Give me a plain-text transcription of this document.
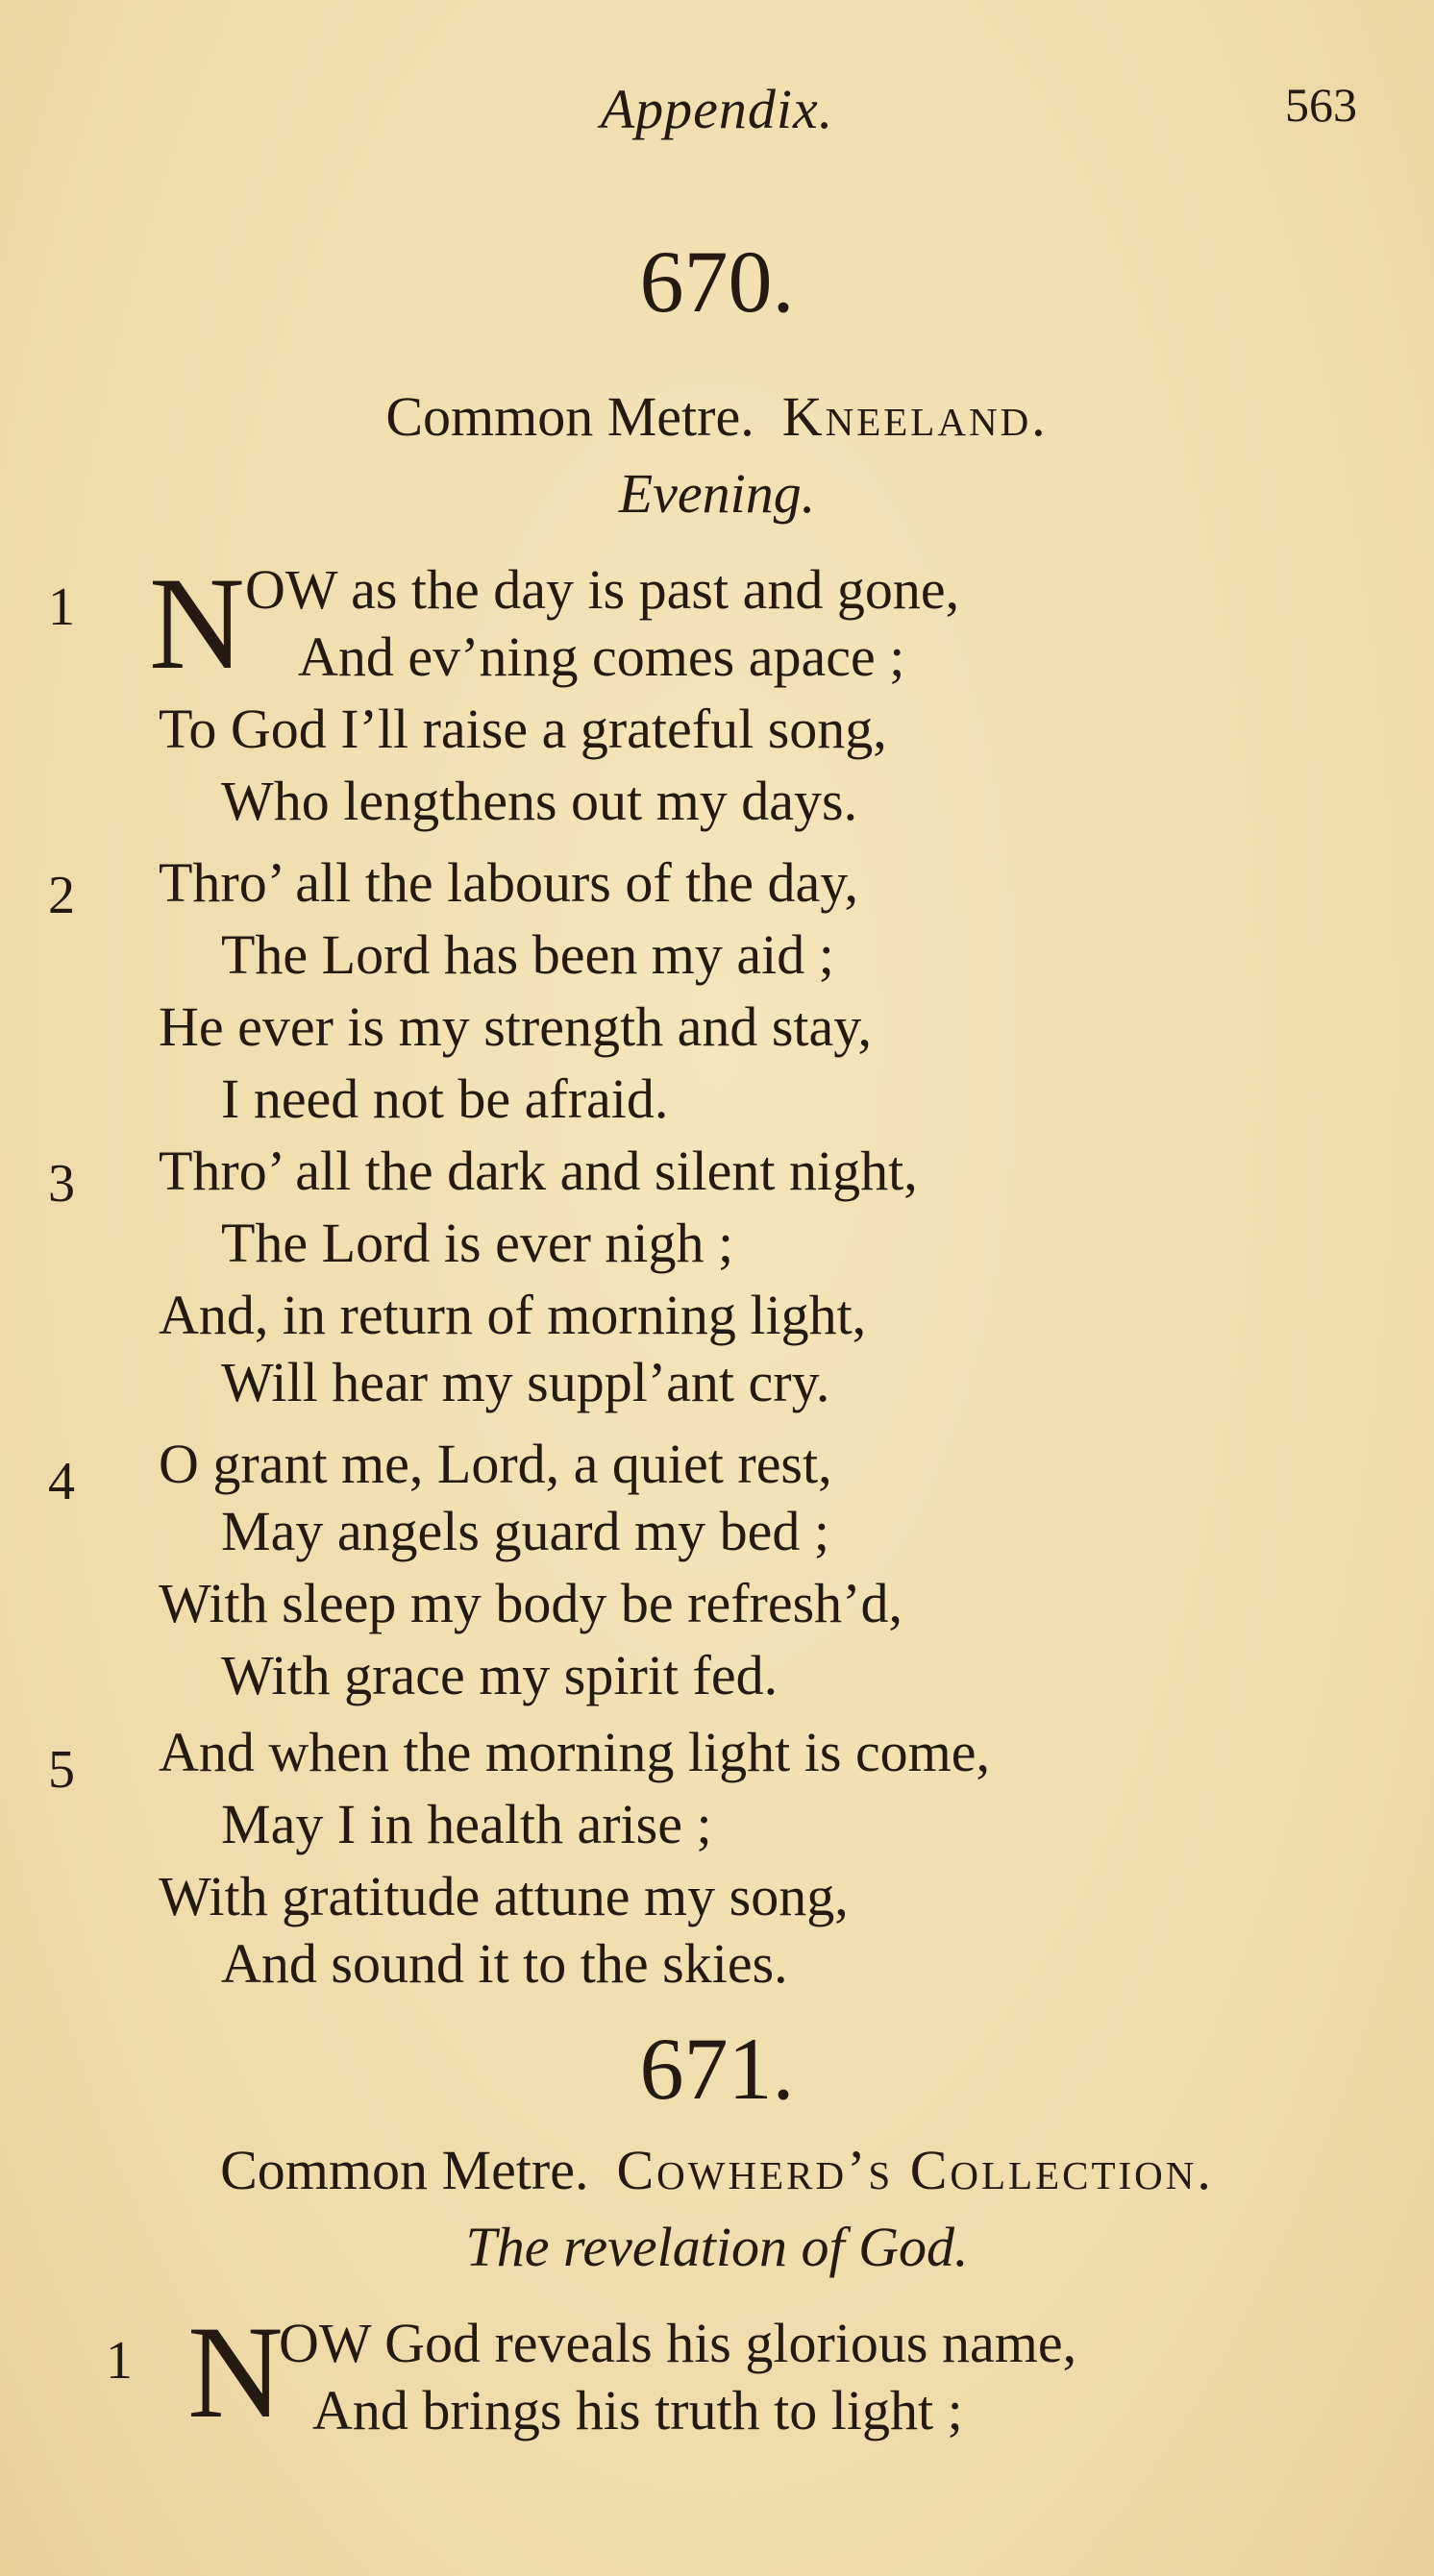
Appendix.	563
670.
Common Metre. Kneeland.
Evening.
1 N OW as the day is past and gone,
And ev’ning comes apace ;
To God I’ll raise a grateful song,
Who lengthens out my days.
2 Thro’ all the labours of the day,
The Lord has been my aid ;
He ever is my strength and stay,
I need not be afraid.
3 Thro’ all the dark and silent night,
The Lord is ever nigh ;
And, in return of morning light,
Will hear my suppl’ant cry.
4 O grant me, Lord, a quiet rest,
May angels guard my bed ;
With sleep my body be refresh’d,
With grace my spirit fed.
5 And when the morning light is come,
May I in health arise ;
With gratitude attune my song,
And sound it to the skies.
671.
Common Metre. Cowherd’s Collection.
The revelation of God.
1 N
OW God reveals his glorious name,
And brings his truth to light ;
